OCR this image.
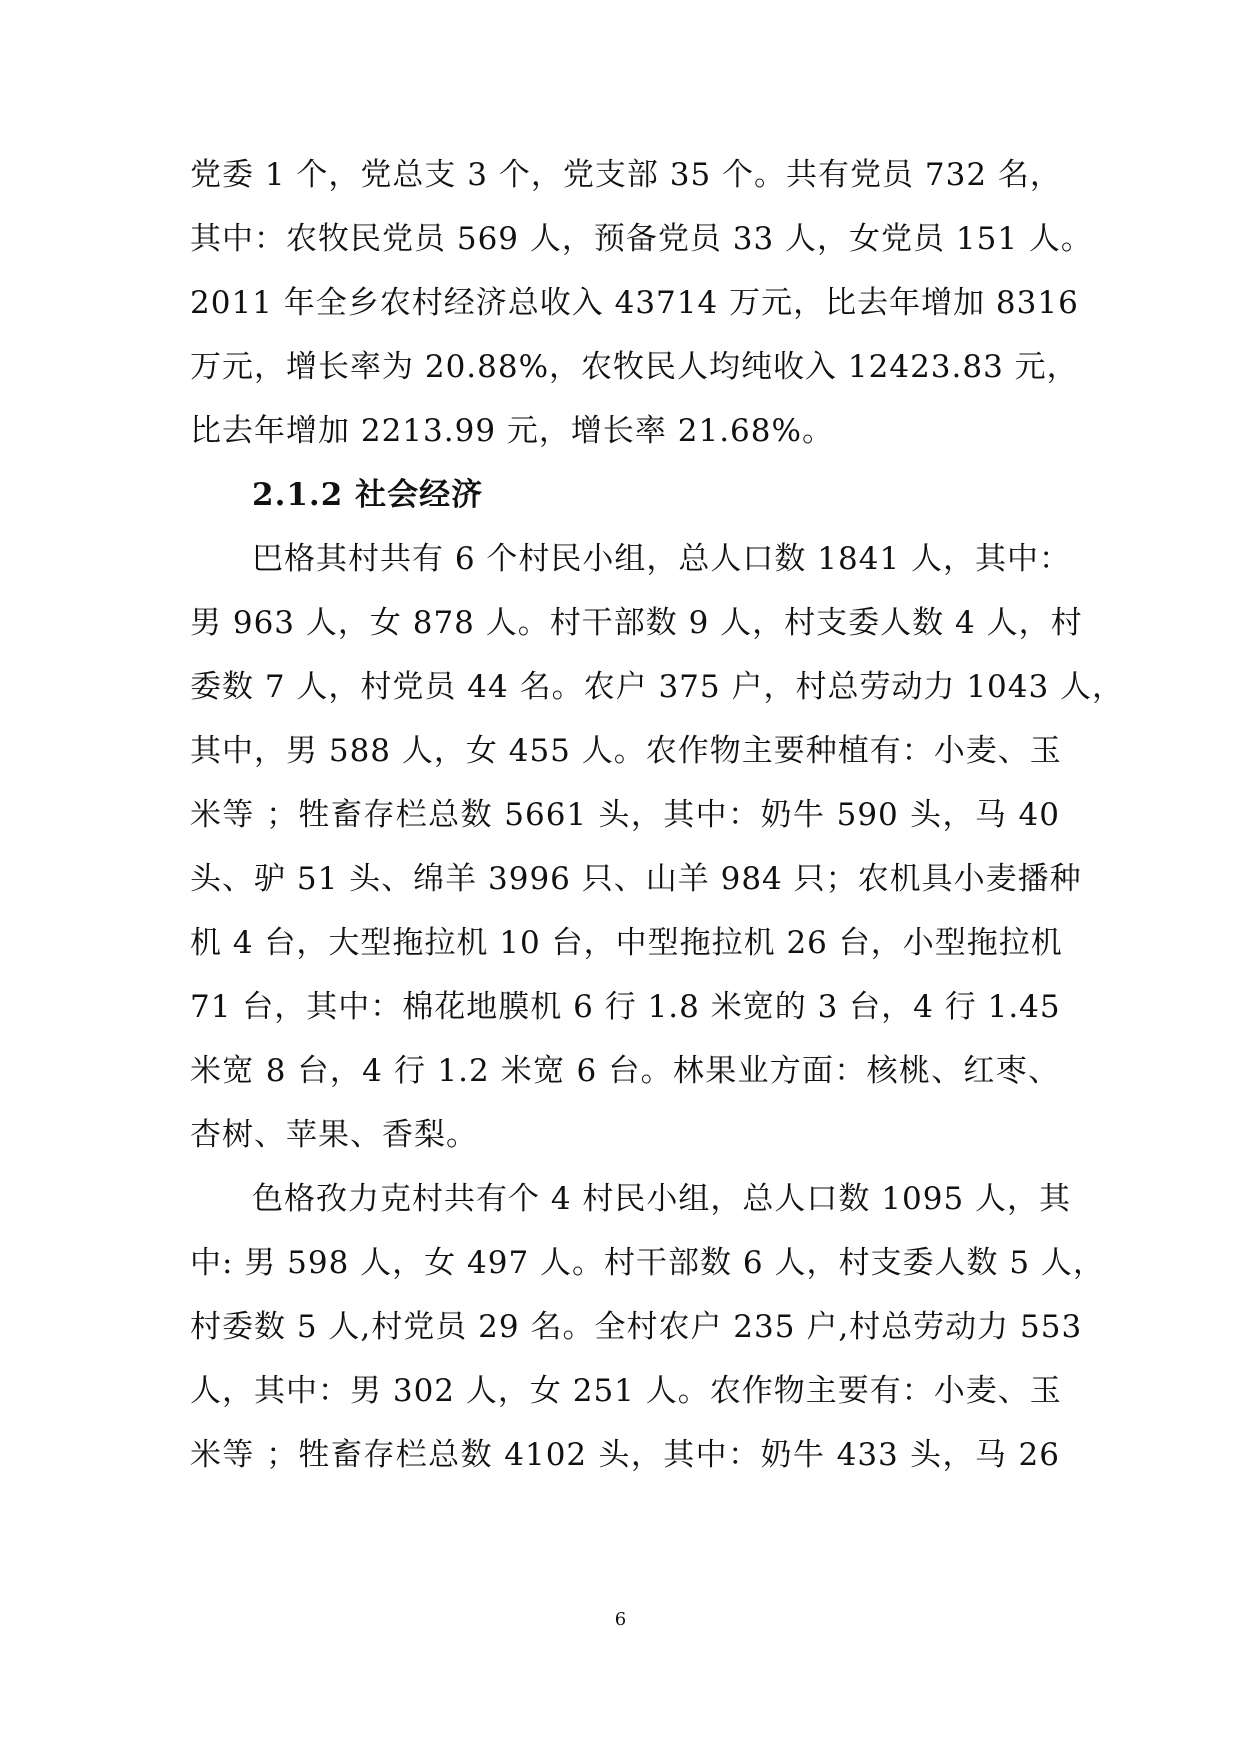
党委 1 个，党总支 3 个，党支部 35 个。共有党员 732 名，
其中：农牧民党员 569 人，预备党员 33 人，女党员 151 人。
2011 年全乡农村经济总收入 43714 万元，比去年增加 8316
万元，增长率为 20.88%，农牧民人均纯收入 12423.83 元，
比去年增加 2213.99 元，增长率 21.68%。
2.1.2 社会经济
巴格其村共有 6 个村民小组，总人口数 1841 人，其中：
男 963 人，女 878 人。村干部数 9 人，村支委人数 4 人，村
委数 7 人，村党员 44 名。农户 375 户，村总劳动力 1043 人，
其中，男 588 人，女 455 人。农作物主要种植有：小麦、玉
米等 ；牲畜存栏总数 5661 头，其中：奶牛 590 头，马 40
头、驴 51 头、绵羊 3996 只、山羊 984 只；农机具小麦播种
机 4 台，大型拖拉机 10 台，中型拖拉机 26 台，小型拖拉机
71 台，其中：棉花地膜机 6 行 1.8 米宽的 3 台，4 行 1.45
米宽 8 台，4 行 1.2 米宽 6 台。林果业方面：核桃、红枣、
杏树、苹果、香梨。
色格孜力克村共有个 4 村民小组，总人口数 1095 人，其
中: 男 598 人，女 497 人。村干部数 6 人，村支委人数 5 人，
村委数 5 人,村党员 29 名。全村农户 235 户,村总劳动力 553
人，其中：男 302 人，女 251 人。农作物主要有：小麦、玉
米等 ；牲畜存栏总数 4102 头，其中：奶牛 433 头，马 26
6
